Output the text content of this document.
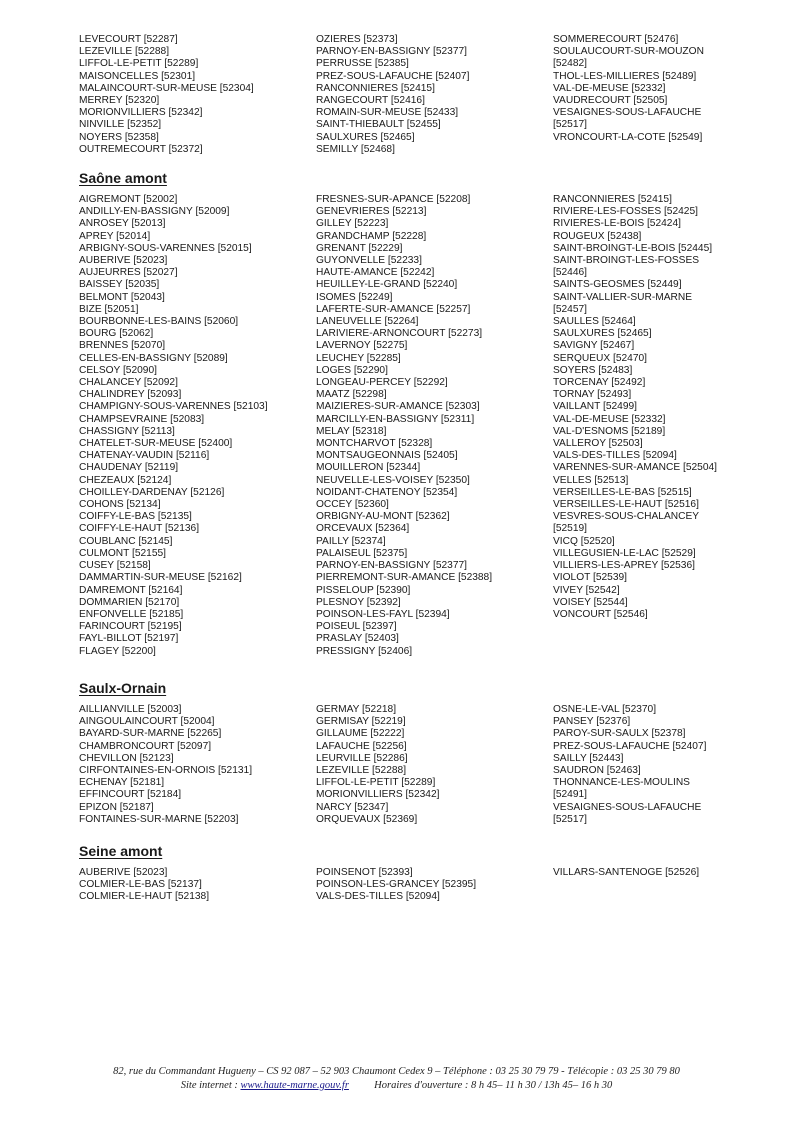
LEVECOURT [52287]
LEZEVILLE [52288]
LIFFOL-LE-PETIT [52289]
MAISONCELLES [52301]
MALAINCOURT-SUR-MEUSE [52304]
MERREY [52320]
MORIONVILLIERS [52342]
NINVILLE [52352]
NOYERS [52358]
OUTREMECOURT [52372]
OZIERES [52373]
PARNOY-EN-BASSIGNY [52377]
PERRUSSE [52385]
PREZ-SOUS-LAFAUCHE [52407]
RANCONNIERES [52415]
RANGECOURT [52416]
ROMAIN-SUR-MEUSE [52433]
SAINT-THIEBAULT [52455]
SAULXURES [52465]
SEMILLY [52468]
SOMMERECOURT [52476]
SOULAUCOURT-SUR-MOUZON [52482]
THOL-LES-MILLIERES [52489]
VAL-DE-MEUSE [52332]
VAUDRECOURT [52505]
VESAIGNES-SOUS-LAFAUCHE [52517]
VRONCOURT-LA-COTE [52549]
Saône amont
AIGREMONT [52002]
ANDILLY-EN-BASSIGNY [52009]
ANROSEY [52013]
APREY [52014]
ARBIGNY-SOUS-VARENNES [52015]
AUBERIVE [52023]
AUJEURRES [52027]
BAISSEY [52035]
BELMONT [52043]
BIZE [52051]
BOURBONNE-LES-BAINS [52060]
BOURG [52062]
BRENNES [52070]
CELLES-EN-BASSIGNY [52089]
CELSOY [52090]
CHALANCEY [52092]
CHALINDREY [52093]
CHAMPIGNY-SOUS-VARENNES [52103]
CHAMPSEVRAINE [52083]
CHASSIGNY [52113]
CHATELET-SUR-MEUSE [52400]
CHATENAY-VAUDIN [52116]
CHAUDENAY [52119]
CHEZEAUX [52124]
CHOILLEY-DARDENAY [52126]
COHONS [52134]
COIFFY-LE-BAS [52135]
COIFFY-LE-HAUT [52136]
COUBLANC [52145]
CULMONT [52155]
CUSEY [52158]
DAMMARTIN-SUR-MEUSE [52162]
DAMREMONT [52164]
DOMMARIEN [52170]
ENFONVELLE [52185]
FARINCOURT [52195]
FAYL-BILLOT [52197]
FLAGEY [52200]
FRESNES-SUR-APANCE [52208]
GENEVRIERES [52213]
GILLEY [52223]
GRANDCHAMP [52228]
GRENANT [52229]
GUYONVELLE [52233]
HAUTE-AMANCE [52242]
HEUILLEY-LE-GRAND [52240]
ISOMES [52249]
LAFERTE-SUR-AMANCE [52257]
LANEUVELLE [52264]
LARIVIERE-ARNONCOURT [52273]
LAVERNOY [52275]
LEUCHEY [52285]
LOGES [52290]
LONGEAU-PERCEY [52292]
MAATZ [52298]
MAIZIERES-SUR-AMANCE [52303]
MARCILLY-EN-BASSIGNY [52311]
MELAY [52318]
MONTCHARVOT [52328]
MONTSAUGEONNAIS [52405]
MOUILLERON [52344]
NEUVELLE-LES-VOISEY [52350]
NOIDANT-CHATENOY [52354]
OCCEY [52360]
ORBIGNY-AU-MONT [52362]
ORCEVAUX [52364]
PAILLY [52374]
PALAISEUL [52375]
PARNOY-EN-BASSIGNY [52377]
PIERREMONT-SUR-AMANCE [52388]
PISSELOUP [52390]
PLESNOY [52392]
POINSON-LES-FAYL [52394]
POISEUL [52397]
PRASLAY [52403]
PRESSIGNY [52406]
RANCONNIERES [52415]
RIVIERE-LES-FOSSES [52425]
RIVIERES-LE-BOIS [52424]
ROUGEUX [52438]
SAINT-BROINGT-LE-BOIS [52445]
SAINT-BROINGT-LES-FOSSES [52446]
SAINTS-GEOSMES [52449]
SAINT-VALLIER-SUR-MARNE [52457]
SAULLES [52464]
SAULXURES [52465]
SAVIGNY [52467]
SERQUEUX [52470]
SOYERS [52483]
TORCENAY [52492]
TORNAY [52493]
VAILLANT [52499]
VAL-DE-MEUSE [52332]
VAL-D'ESNOMS [52189]
VALLEROY [52503]
VALS-DES-TILLES [52094]
VARENNES-SUR-AMANCE [52504]
VELLES [52513]
VERSEILLES-LE-BAS [52515]
VERSEILLES-LE-HAUT [52516]
VESVRES-SOUS-CHALANCEY [52519]
VICQ [52520]
VILLEGUSIEN-LE-LAC [52529]
VILLIERS-LES-APREY [52536]
VIOLOT [52539]
VIVEY [52542]
VOISEY [52544]
VONCOURT [52546]
Saulx-Ornain
AILLIANVILLE [52003]
AINGOULAINCOURT [52004]
BAYARD-SUR-MARNE [52265]
CHAMBRONCOURT [52097]
CHEVILLON [52123]
CIRFONTAINES-EN-ORNOIS [52131]
ECHENAY [52181]
EFFINCOURT [52184]
EPIZON [52187]
FONTAINES-SUR-MARNE [52203]
GERMAY [52218]
GERMISAY [52219]
GILLAUME [52222]
LAFAUCHE [52256]
LEURVILLE [52286]
LEZEVILLE [52288]
LIFFOL-LE-PETIT [52289]
MORIONVILLIERS [52342]
NARCY [52347]
ORQUEVAUX [52369]
OSNE-LE-VAL [52370]
PANSEY [52376]
PAROY-SUR-SAULX [52378]
PREZ-SOUS-LAFAUCHE [52407]
SAILLY [52443]
SAUDRON [52463]
THONNANCE-LES-MOULINS [52491]
VESAIGNES-SOUS-LAFAUCHE [52517]
Seine amont
AUBERIVE [52023]
COLMIER-LE-BAS [52137]
COLMIER-LE-HAUT [52138]
POINSENOT [52393]
POINSON-LES-GRANCEY [52395]
VALS-DES-TILLES [52094]
VILLARS-SANTENOGE [52526]
82, rue du Commandant Hugueny – CS 92 087 – 52 903 Chaumont Cedex 9 – Téléphone : 03 25 30 79 79 - Télécopie : 03 25 30 79 80
Site internet : www.haute-marne.gouv.fr Horaires d'ouverture : 8 h 45– 11 h 30 / 13h 45– 16 h 30
